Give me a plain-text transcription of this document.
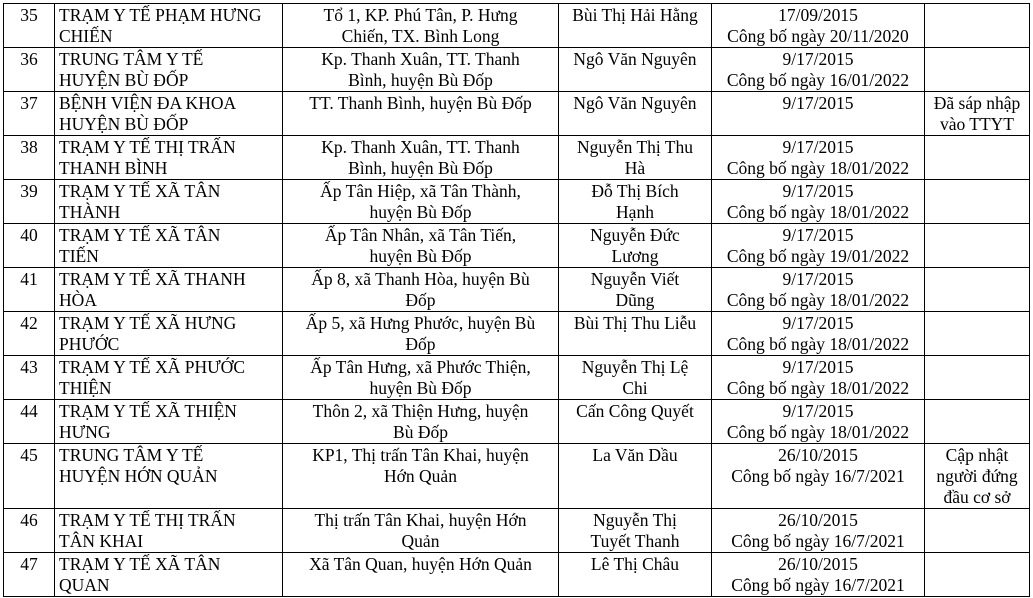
35	TRẠM Y TẾ PHẠM HƯNG
CHIẾN	Tổ 1, KP. Phú Tân, P. Hưng
Chiến, TX. Bình Long	Bùi Thị Hải Hằng	17/09/2015
Công bố ngày 20/11/2020	

36	TRUNG TÂM Y TẾ
HUYỆN BÙ ĐỐP	Kp. Thanh Xuân, TT. Thanh
Bình, huyện Bù Đốp	Ngô Văn Nguyên	9/17/2015
Công bố ngày 16/01/2022	

37	BỆNH VIỆN ĐA KHOA
HUYỆN BÙ ĐỐP	TT. Thanh Bình, huyện Bù Đốp	Ngô Văn Nguyên	9/17/2015	Đã sáp nhập
vào TTYT

38	TRẠM Y TẾ THỊ TRẤN
THANH BÌNH	Kp. Thanh Xuân, TT. Thanh
Bình, huyện Bù Đốp	Nguyễn Thị Thu
Hà	9/17/2015
Công bố ngày 18/01/2022	

39	TRẠM Y TẾ XÃ TÂN
THÀNH	Ấp Tân Hiệp, xã Tân Thành,
huyện Bù Đốp	Đỗ Thị Bích
Hạnh	9/17/2015
Công bố ngày 18/01/2022	

40	TRẠM Y TẾ XÃ TÂN
TIẾN	Ấp Tân Nhân, xã Tân Tiến,
huyện Bù Đốp	Nguyễn Đức
Lương	9/17/2015
Công bố ngày 19/01/2022	

41	TRẠM Y TẾ XÃ THANH
HÒA	Ấp 8, xã Thanh Hòa, huyện Bù
Đốp	Nguyễn Viết
Dũng	9/17/2015
Công bố ngày 18/01/2022	

42	TRẠM Y TẾ XÃ HƯNG
PHƯỚC	Ấp 5, xã Hưng Phước, huyện Bù
Đốp	Bùi Thị Thu Liễu	9/17/2015
Công bố ngày 18/01/2022	

43	TRẠM Y TẾ XÃ PHƯỚC
THIỆN	Ấp Tân Hưng, xã Phước Thiện,
huyện Bù Đốp	Nguyễn Thị Lệ
Chi	9/17/2015
Công bố ngày 18/01/2022	

44	TRẠM Y TẾ XÃ THIỆN
HƯNG	Thôn 2, xã Thiện Hưng, huyện
Bù Đốp	Cấn Công Quyết	9/17/2015
Công bố ngày 18/01/2022	

45	TRUNG TÂM Y TẾ
HUYỆN HỚN QUẢN	KP1, Thị trấn Tân Khai, huyện
Hớn Quản	La Văn Dầu	26/10/2015
Công bố ngày 16/7/2021	Cập nhật
người đứng
đầu cơ sở

46	TRẠM Y TẾ THỊ TRẤN
TÂN KHAI	Thị trấn Tân Khai, huyện Hớn
Quản	Nguyễn Thị
Tuyết Thanh	26/10/2015
Công bố ngày 16/7/2021	

47	TRẠM Y TẾ XÃ TÂN
QUAN	Xã Tân Quan, huyện Hớn Quản	Lê Thị Châu	26/10/2015
Công bố ngày 16/7/2021	
